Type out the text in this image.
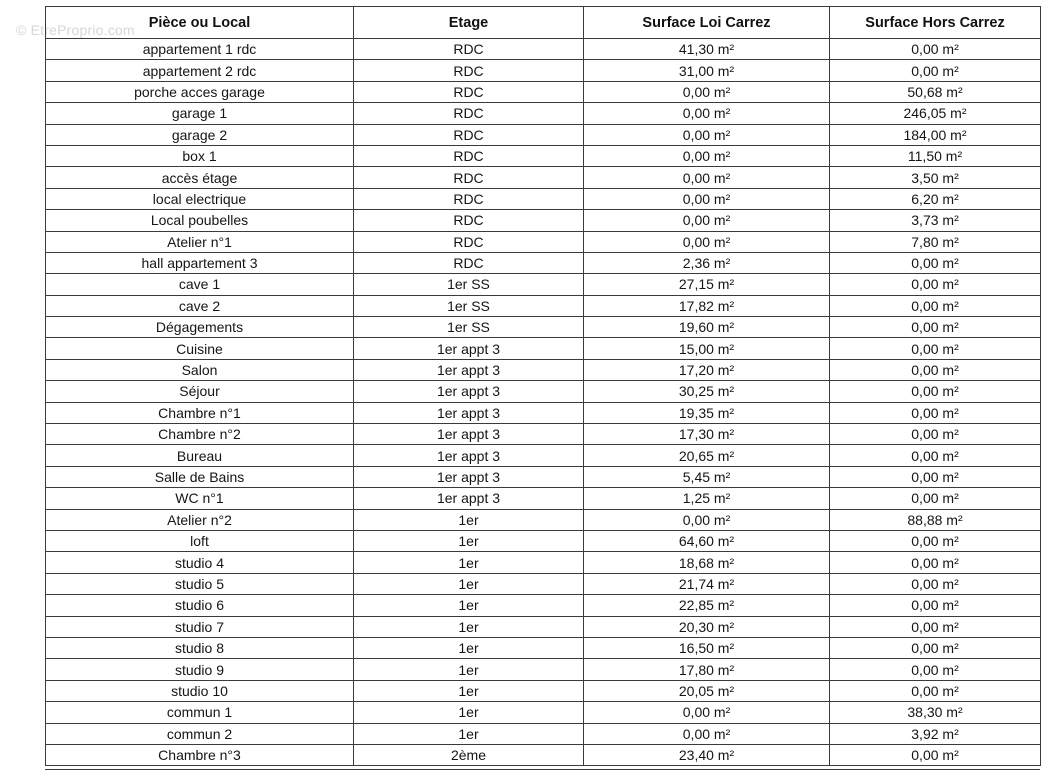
© EtreProprio.com Pièce ou Local	Etage	Surface Loi Carrez	Surface Hors Carrez
appartement 1 rdc	RDC	41,30 m²	0,00 m²
appartement 2 rdc	RDC	31,00 m²	0,00 m²
porche acces garage	RDC	0,00 m²	50,68 m²
garage 1	RDC	0,00 m²	246,05 m²
garage 2	RDC	0,00 m²	184,00 m²
box 1	RDC	0,00 m²	11,50 m²
accès étage	RDC	0,00 m²	3,50 m²
local electrique	RDC	0,00 m²	6,20 m²
Local poubelles	RDC	0,00 m²	3,73 m²
Atelier n°1	RDC	0,00 m²	7,80 m²
hall appartement 3	RDC	2,36 m²	0,00 m²
cave 1	1er SS	27,15 m²	0,00 m²
cave 2	1er SS	17,82 m²	0,00 m²
Dégagements	1er SS	19,60 m²	0,00 m²
Cuisine	1er appt 3	15,00 m²	0,00 m²
Salon	1er appt 3	17,20 m²	0,00 m²
Séjour	1er appt 3	30,25 m²	0,00 m²
Chambre n°1	1er appt 3	19,35 m²	0,00 m²
Chambre n°2	1er appt 3	17,30 m²	0,00 m²
Bureau	1er appt 3	20,65 m²	0,00 m²
Salle de Bains	1er appt 3	5,45 m²	0,00 m²
WC n°1	1er appt 3	1,25 m²	0,00 m²
Atelier n°2	1er	0,00 m²	88,88 m²
loft	1er	64,60 m²	0,00 m²
studio 4	1er	18,68 m²	0,00 m²
studio 5	1er	21,74 m²	0,00 m²
studio 6	1er	22,85 m²	0,00 m²
studio 7	1er	20,30 m²	0,00 m²
studio 8	1er	16,50 m²	0,00 m²
studio 9	1er	17,80 m²	0,00 m²
studio 10	1er	20,05 m²	0,00 m²
commun 1	1er	0,00 m²	38,30 m²
commun 2	1er	0,00 m²	3,92 m²
Chambre n°3	2ème	23,40 m²	0,00 m²
